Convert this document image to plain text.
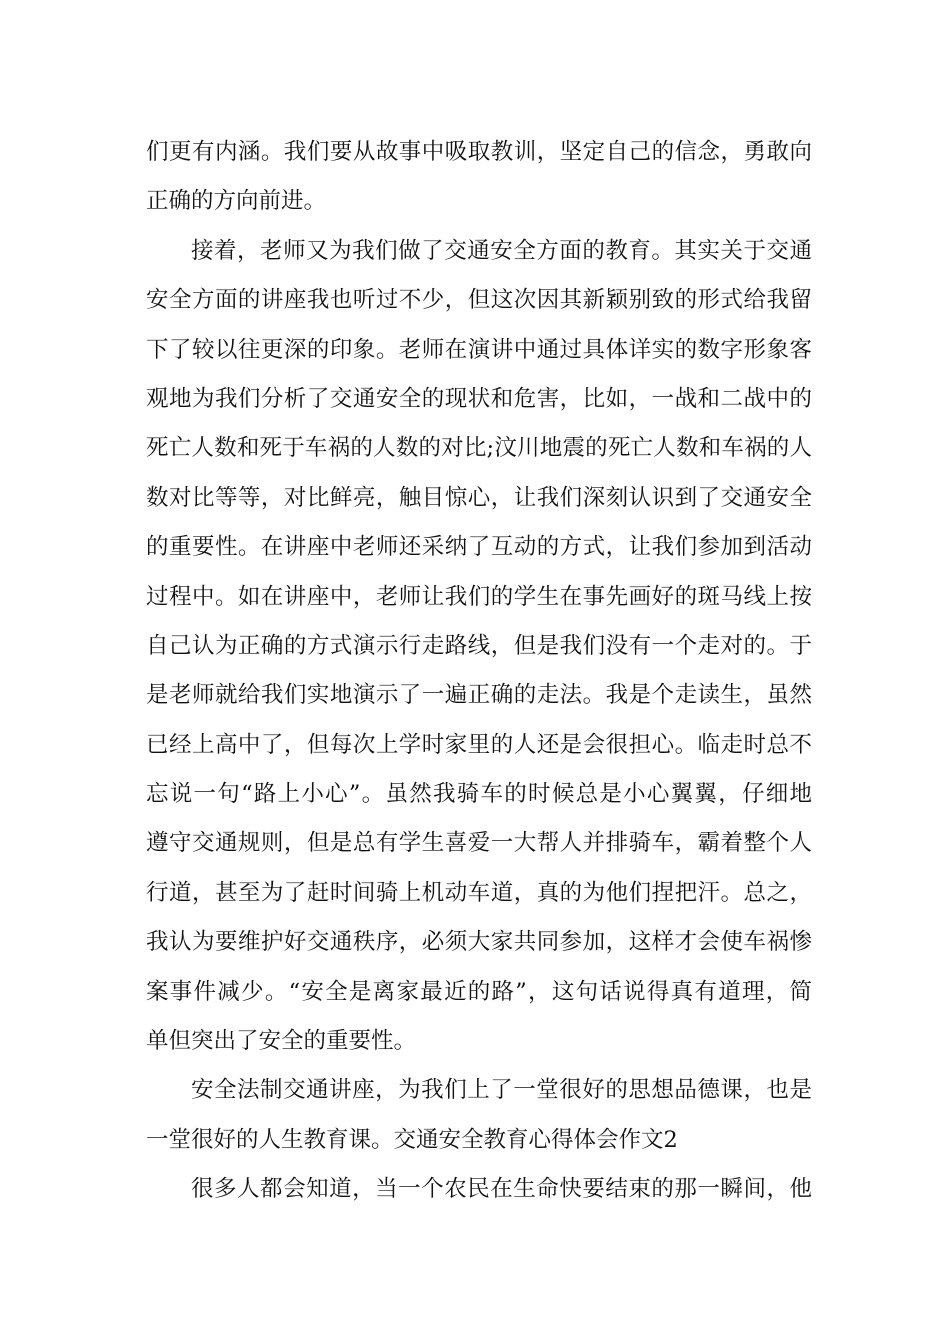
们更有内涵。我们要从故事中吸取教训，坚定自己的信念，勇敢向
正确的方向前进。
接着，老师又为我们做了交通安全方面的教育。其实关于交通
安全方面的讲座我也听过不少，但这次因其新颖别致的形式给我留
下了较以往更深的印象。老师在演讲中通过具体详实的数字形象客
观地为我们分析了交通安全的现状和危害，比如，一战和二战中的
死亡人数和死于车祸的人数的对比;汶川地震的死亡人数和车祸的人
数对比等等，对比鲜亮，触目惊心，让我们深刻认识到了交通安全
的重要性。在讲座中老师还采纳了互动的方式，让我们参加到活动
过程中。如在讲座中，老师让我们的学生在事先画好的斑马线上按
自己认为正确的方式演示行走路线，但是我们没有一个走对的。于
是老师就给我们实地演示了一遍正确的走法。我是个走读生，虽然
已经上高中了，但每次上学时家里的人还是会很担心。临走时总不
忘说一句“路上小心”。虽然我骑车的时候总是小心翼翼，仔细地
遵守交通规则，但是总有学生喜爱一大帮人并排骑车，霸着整个人
行道，甚至为了赶时间骑上机动车道，真的为他们捏把汗。总之，
我认为要维护好交通秩序，必须大家共同参加，这样才会使车祸惨
案事件减少。“安全是离家最近的路”，这句话说得真有道理，简
单但突出了安全的重要性。
安全法制交通讲座，为我们上了一堂很好的思想品德课，也是
一堂很好的人生教育课。交通安全教育心得体会作文2
很多人都会知道，当一个农民在生命快要结束的那一瞬间，他
